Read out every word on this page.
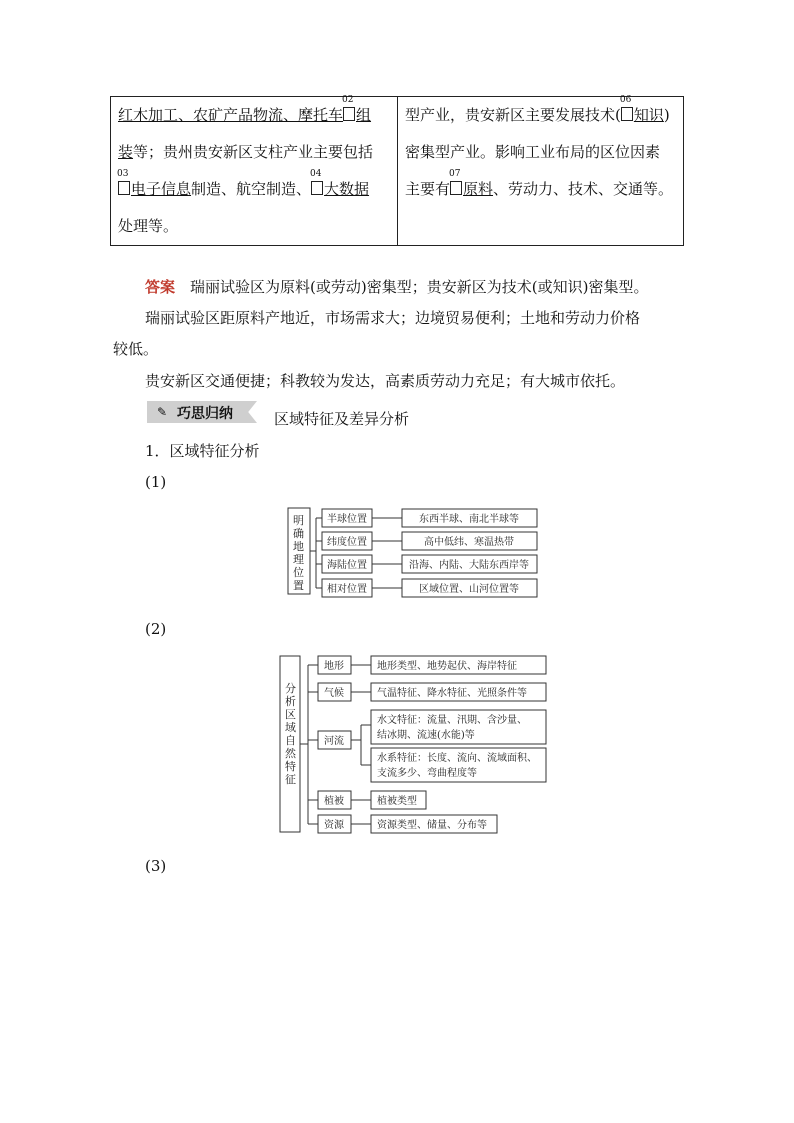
红木加工、农矿产品物流、摩托车
02
组
装等；贵州贵安新区支柱产业主要包括
03
电子信息制造、航空制造、
04
大数据
处理等。
型产业，贵安新区主要发展技术(
06
知识)
密集型产业。影响工业布局的区位因素
主要有
07
原料、劳动力、技术、交通等。
答案　 瑞丽试验区为原料(或劳动)密集型；贵安新区为技术(或知识)密集型。
瑞丽试验区距原料产地近，市场需求大；边境贸易便利；土地和劳动力价格
较低。
贵安新区交通便捷；科教较为发达，高素质劳动力充足；有大城市依托。
✎ 巧思归纳	区域特征及差异分析
1．区域特征分析
(1)
(2)
(3)
明确地理位置
半球位置
纬度位置
海陆位置
相对位置
东西半球、南北半球等
高中低纬、寒温热带
沿海、内陆、大陆东西岸等
区域位置、山河位置等
分析区域自然特征
地形
气候
河流
植被
资源
地形类型、地势起伏、海岸特征
气温特征、降水特征、光照条件等
水文特征：流量、汛期、含沙量、
结冰期、流速(水能)等
水系特征：长度、流向、流域面积、
支流多少、弯曲程度等
植被类型
资源类型、储量、分布等
